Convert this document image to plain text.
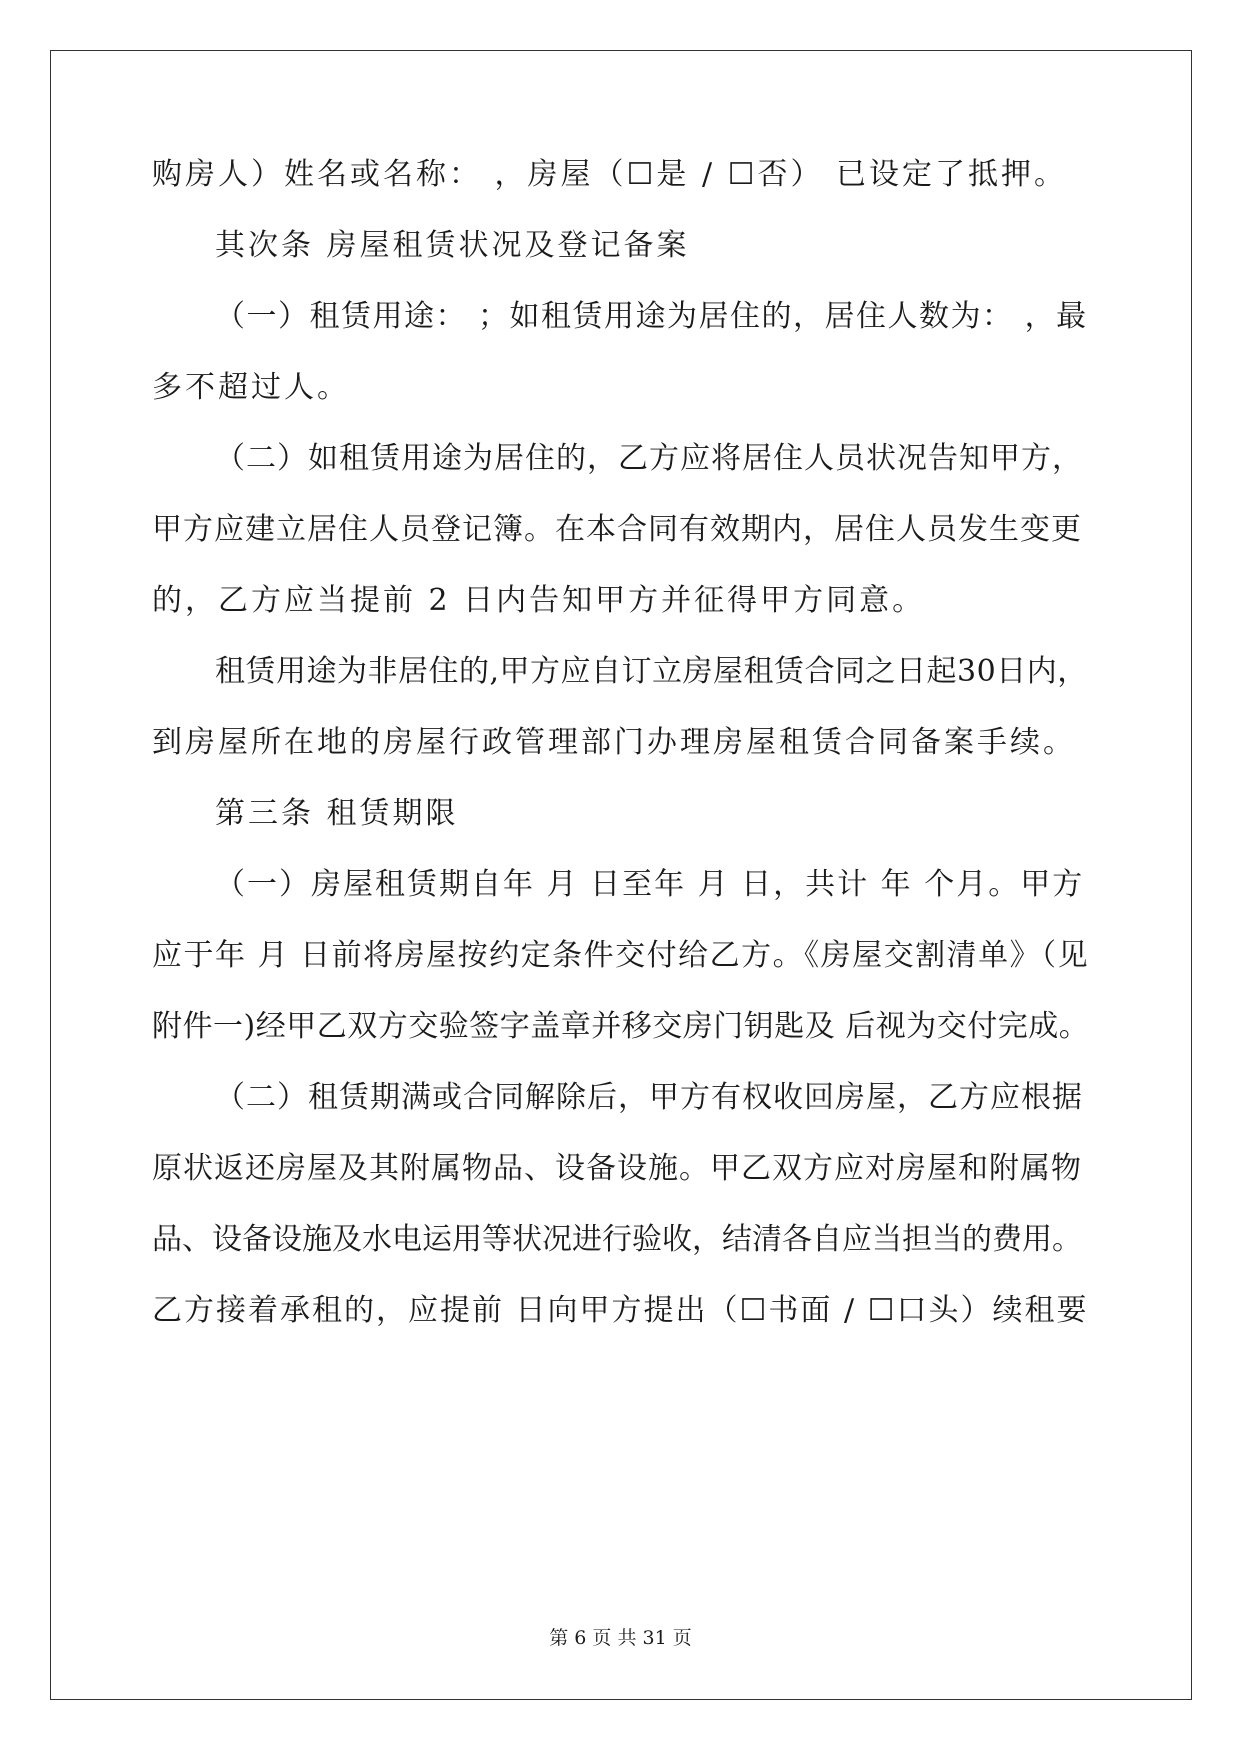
购房人）姓名或名称： ，房屋（☐是 / ☐否） 已设定了抵押。
其次条 房屋租赁状况及登记备案
（一）租赁用途： ；如租赁用途为居住的，居住人数为： ，最
多不超过人。
（二）如租赁用途为居住的，乙方应将居住人员状况告知甲方，
甲方应建立居住人员登记簿。在本合同有效期内，居住人员发生变更
的，乙方应当提前 2 日内告知甲方并征得甲方同意。
租赁用途为非居住的,甲方应自订立房屋租赁合同之日起30日内，
到房屋所在地的房屋行政管理部门办理房屋租赁合同备案手续。
第三条 租赁期限
（一）房屋租赁期自年 月 日至年 月 日，共计 年 个月。甲方
应于年 月 日前将房屋按约定条件交付给乙方。《房屋交割清单》（见
附件一)经甲乙双方交验签字盖章并移交房门钥匙及 后视为交付完成。
（二）租赁期满或合同解除后，甲方有权收回房屋，乙方应根据
原状返还房屋及其附属物品、设备设施。甲乙双方应对房屋和附属物
品、设备设施及水电运用等状况进行验收，结清各自应当担当的费用。
乙方接着承租的，应提前 日向甲方提出（☐书面 / ☐口头）续租要
第 6 页 共 31 页
